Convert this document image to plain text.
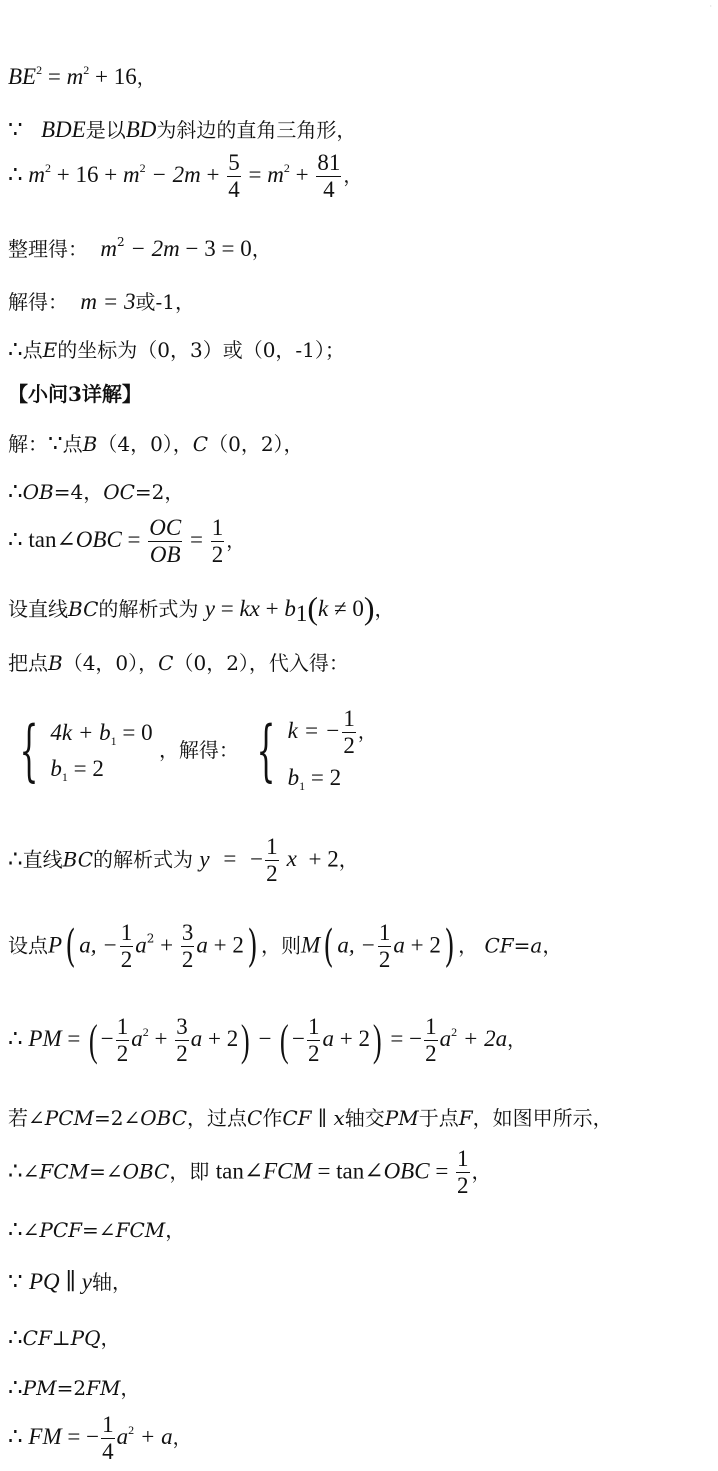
·
$BE^2 = m^2 + 16$，
∵ BDE是以BD为斜边的直角三角形，
∴ $m^2 + 16 + m^2 - 2m + \frac{5}{4} = m^2 + \frac{81}{4}$ ，
整理得： $m^2 - 2m - 3 = 0$，
解得： m = 3或-1，
∴点E的坐标为（0，3）或（0，-1）；
【小问3详解】
解：∵点B（4，0），C（0，2），
∴OB=4，OC=2，
∴ tan∠OBC = $\frac{OC}{OB} = \frac{1}{2}$ ，
设直线BC的解析式为 y = kx + $b_1(k \ne 0)$，
把点B（4，0），C（0，2），代入得：
{ $4k + b_1 = 0$
$b_1 = 2$
，解得： { k = − $\frac{1}{2}$ ，
$b_1 = 2$
∴直线BC的解析式为 y = − $\frac{1}{2}$ x + 2，
设点P( a, − $\frac{1}{2} a^2 + \frac{3}{2}$ a + 2) ，则M( a, − $\frac{1}{2}$ a + 2) ， CF=a，
∴ PM = ( − $\frac{1}{2} a^2 + \frac{3}{2}$ a + 2) − ( − $\frac{1}{2}$ a + 2) = − $\frac{1}{2} a^2 + 2a$，
若∠PCM=2∠OBC，过点C作CF ∥ x轴交PM于点F，如图甲所示，
∴∠FCM=∠OBC，即 tan∠FCM = tan∠OBC = $\frac{1}{2}$ ，
∴∠PCF=∠FCM，
∵ PQ ∥ y轴，
∴CF⊥PQ，
∴PM=2FM，
∴ FM = − $\frac{1}{4} a^2 + a$，
